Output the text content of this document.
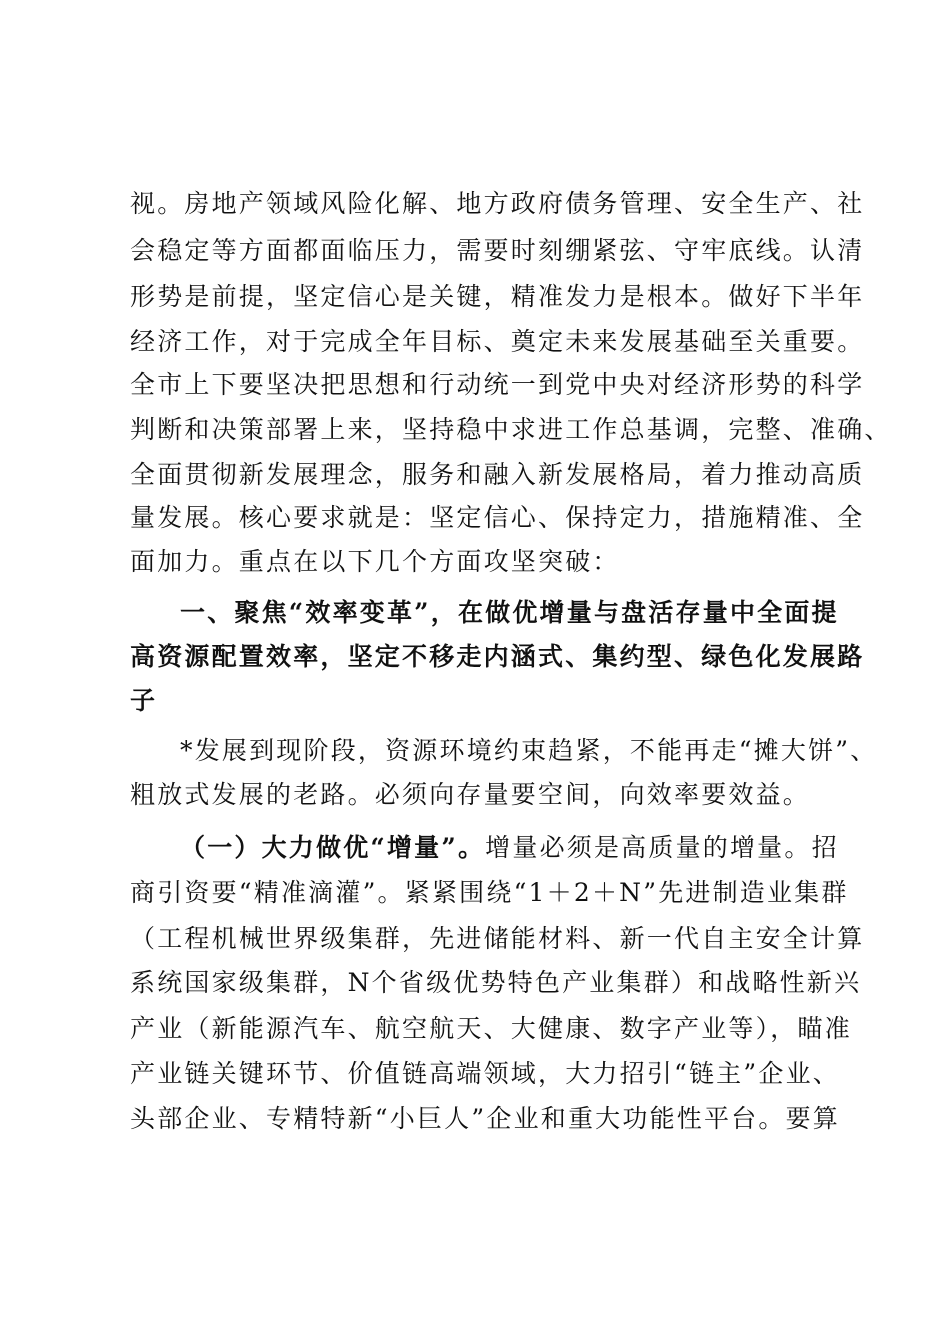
视。房地产领域风险化解、地方政府债务管理、安全生产、社
会稳定等方面都面临压力，需要时刻绷紧弦、守牢底线。认清
形势是前提，坚定信心是关键，精准发力是根本。做好下半年
经济工作，对于完成全年目标、奠定未来发展基础至关重要。
全市上下要坚决把思想和行动统一到党中央对经济形势的科学
判断和决策部署上来，坚持稳中求进工作总基调，完整、准确、
全面贯彻新发展理念，服务和融入新发展格局，着力推动高质
量发展。核心要求就是：坚定信心、保持定力，措施精准、全
面加力。重点在以下几个方面攻坚突破：
一、聚焦“效率变革”，在做优增量与盘活存量中全面提
高资源配置效率，坚定不移走内涵式、集约型、绿色化发展路
子
*发展到现阶段，资源环境约束趋紧，不能再走“摊大饼”、
粗放式发展的老路。必须向存量要空间，向效率要效益。
（一）大力做优“增量”。增量必须是高质量的增量。招
商引资要“精准滴灌”。紧紧围绕“1＋2＋N”先进制造业集群
（工程机械世界级集群，先进储能材料、新一代自主安全计算
系统国家级集群，N个省级优势特色产业集群）和战略性新兴
产业（新能源汽车、航空航天、大健康、数字产业等），瞄准
产业链关键环节、价值链高端领域，大力招引“链主”企业、
头部企业、专精特新“小巨人”企业和重大功能性平台。要算
